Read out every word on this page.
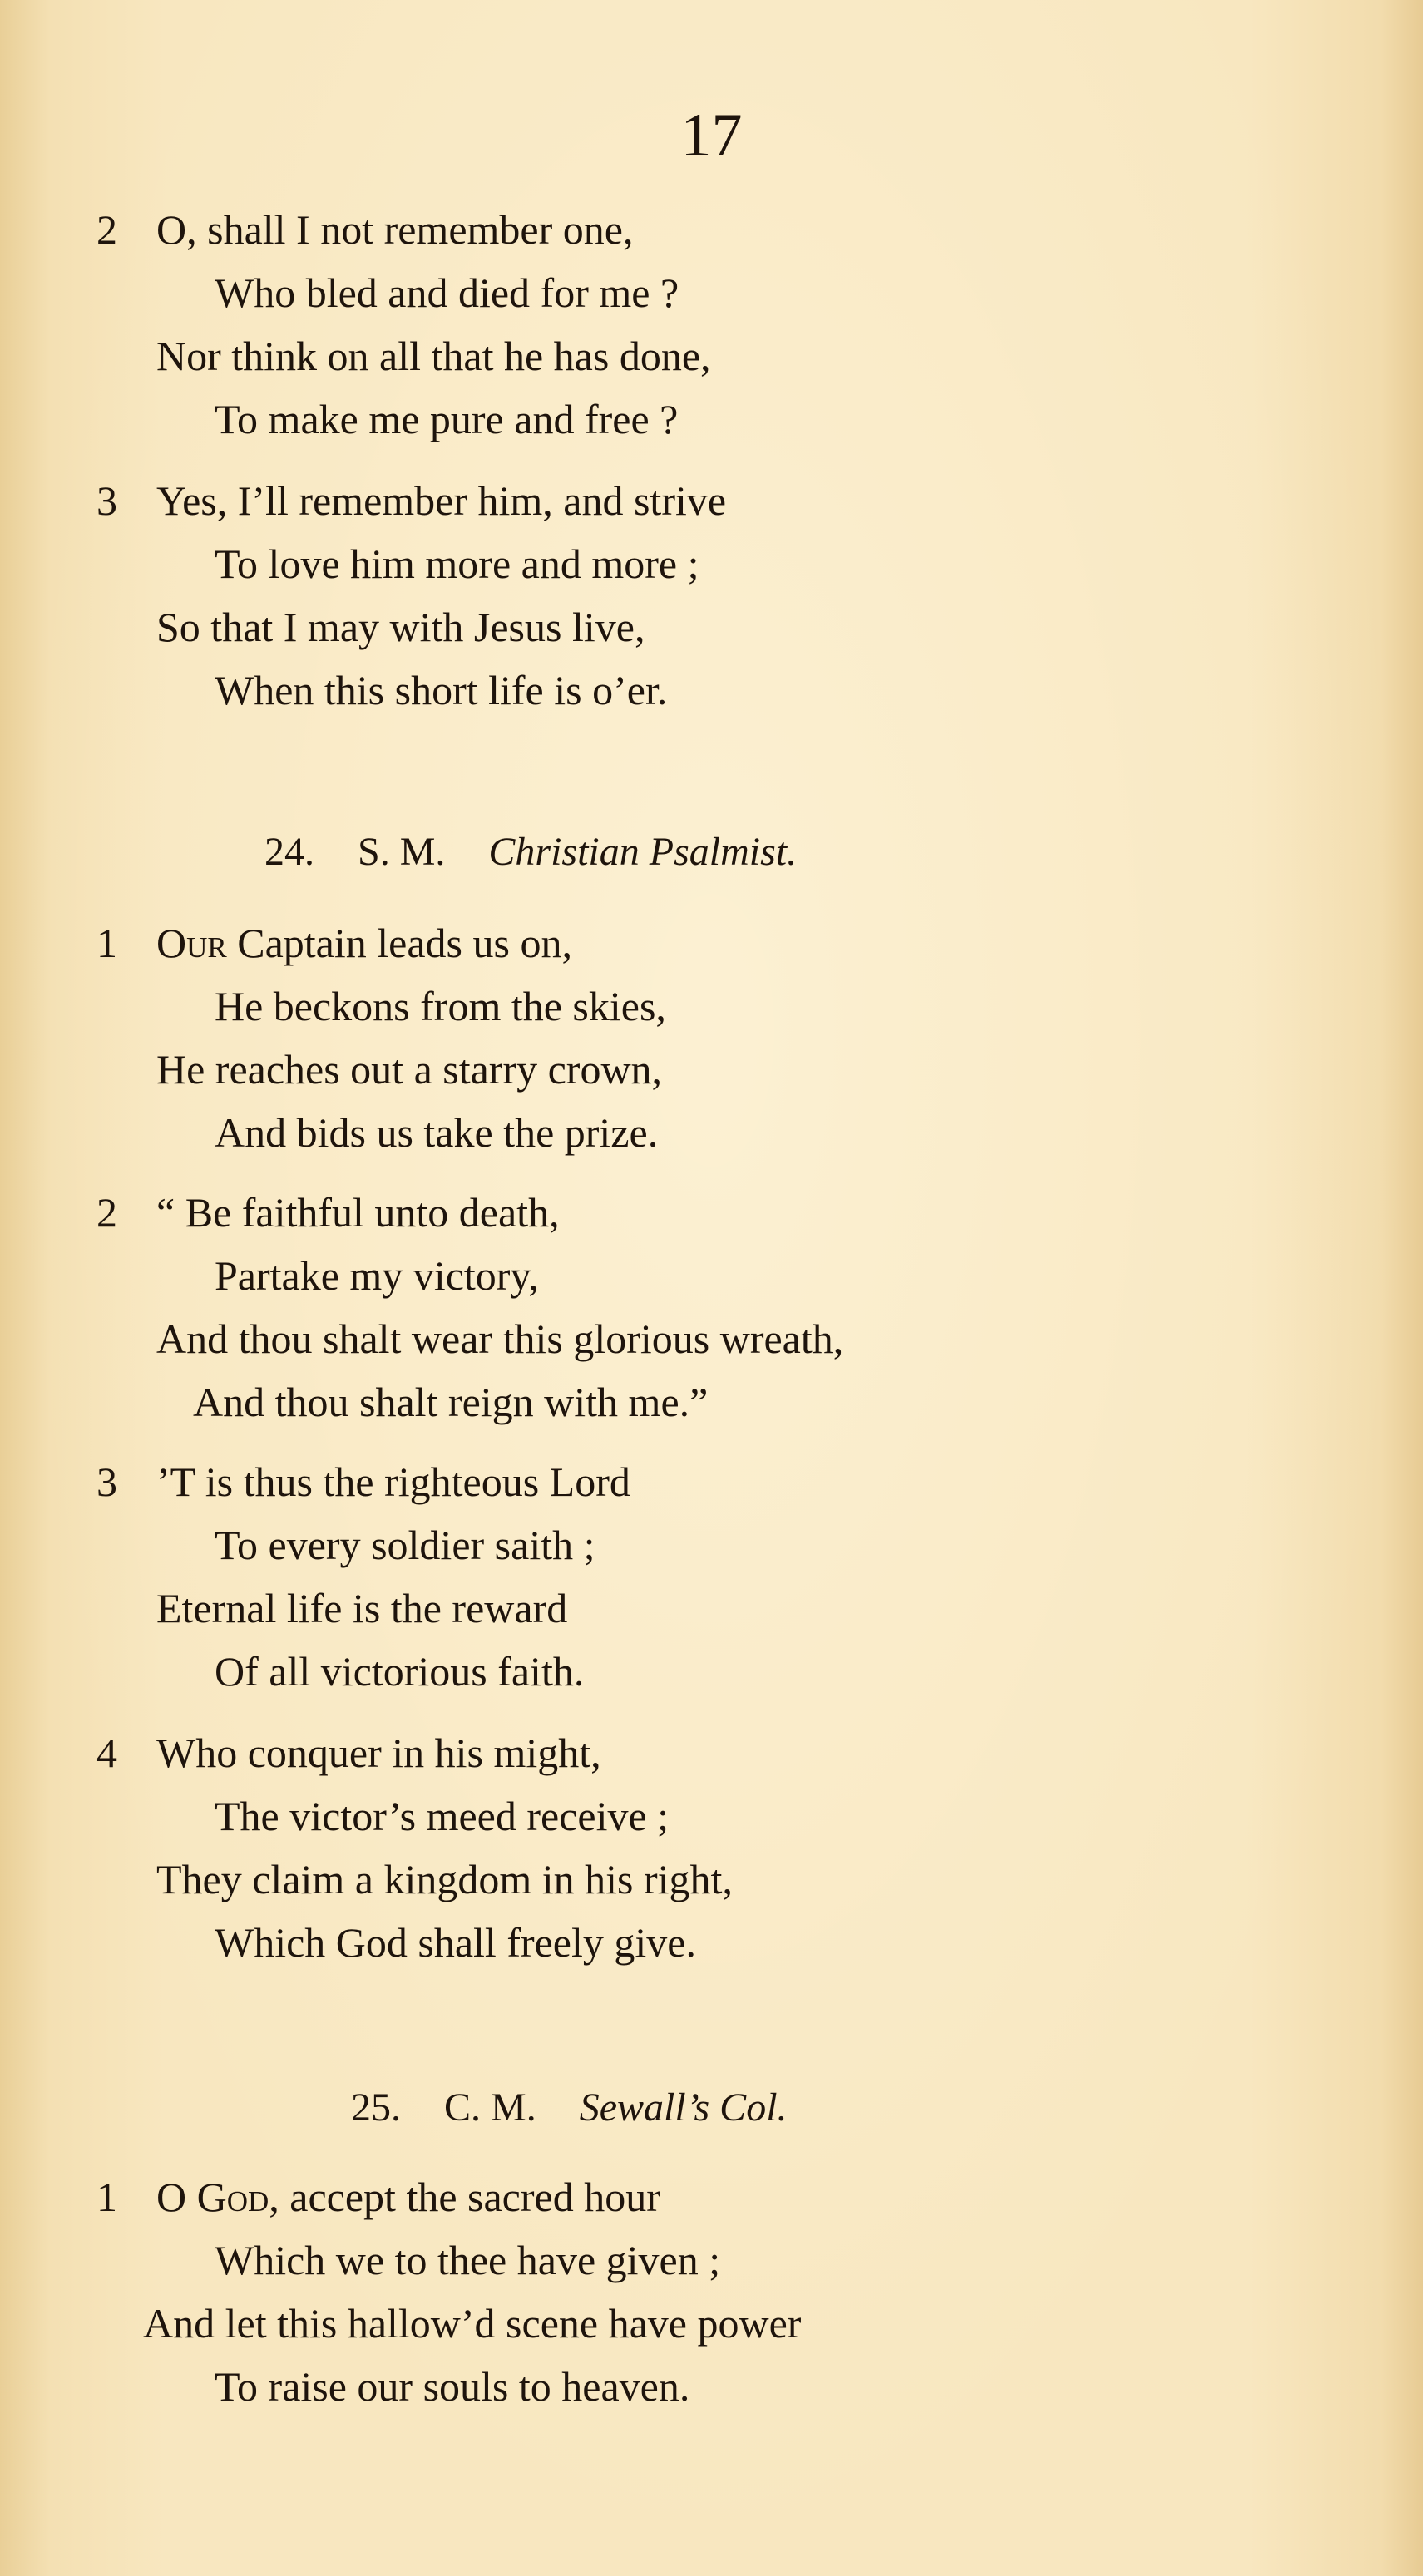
17
2 O, shall I not remember one,
Who bled and died for me ?
Nor think on all that he has done,
To make me pure and free ?
3 Yes, I’ll remember him, and strive
To love him more and more ;
So that I may with Jesus live,
When this short life is o’er.
24. S. M. Christian Psalmist.
1 Our Captain leads us on,
He beckons from the skies,
He reaches out a starry crown,
And bids us take the prize.
2 “ Be faithful unto death,
Partake my victory,
And thou shalt wear this glorious wreath,
And thou shalt reign with me.”
3 ’T is thus the righteous Lord
To every soldier saith ;
Eternal life is the reward
Of all victorious faith.
4 Who conquer in his might,
The victor’s meed receive ;
They claim a kingdom in his right,
Which God shall freely give.
25. C. M. Sewall’s Col.
1 O God, accept the sacred hour
Which we to thee have given ;
And let this hallow’d scene have power
To raise our souls to heaven.
